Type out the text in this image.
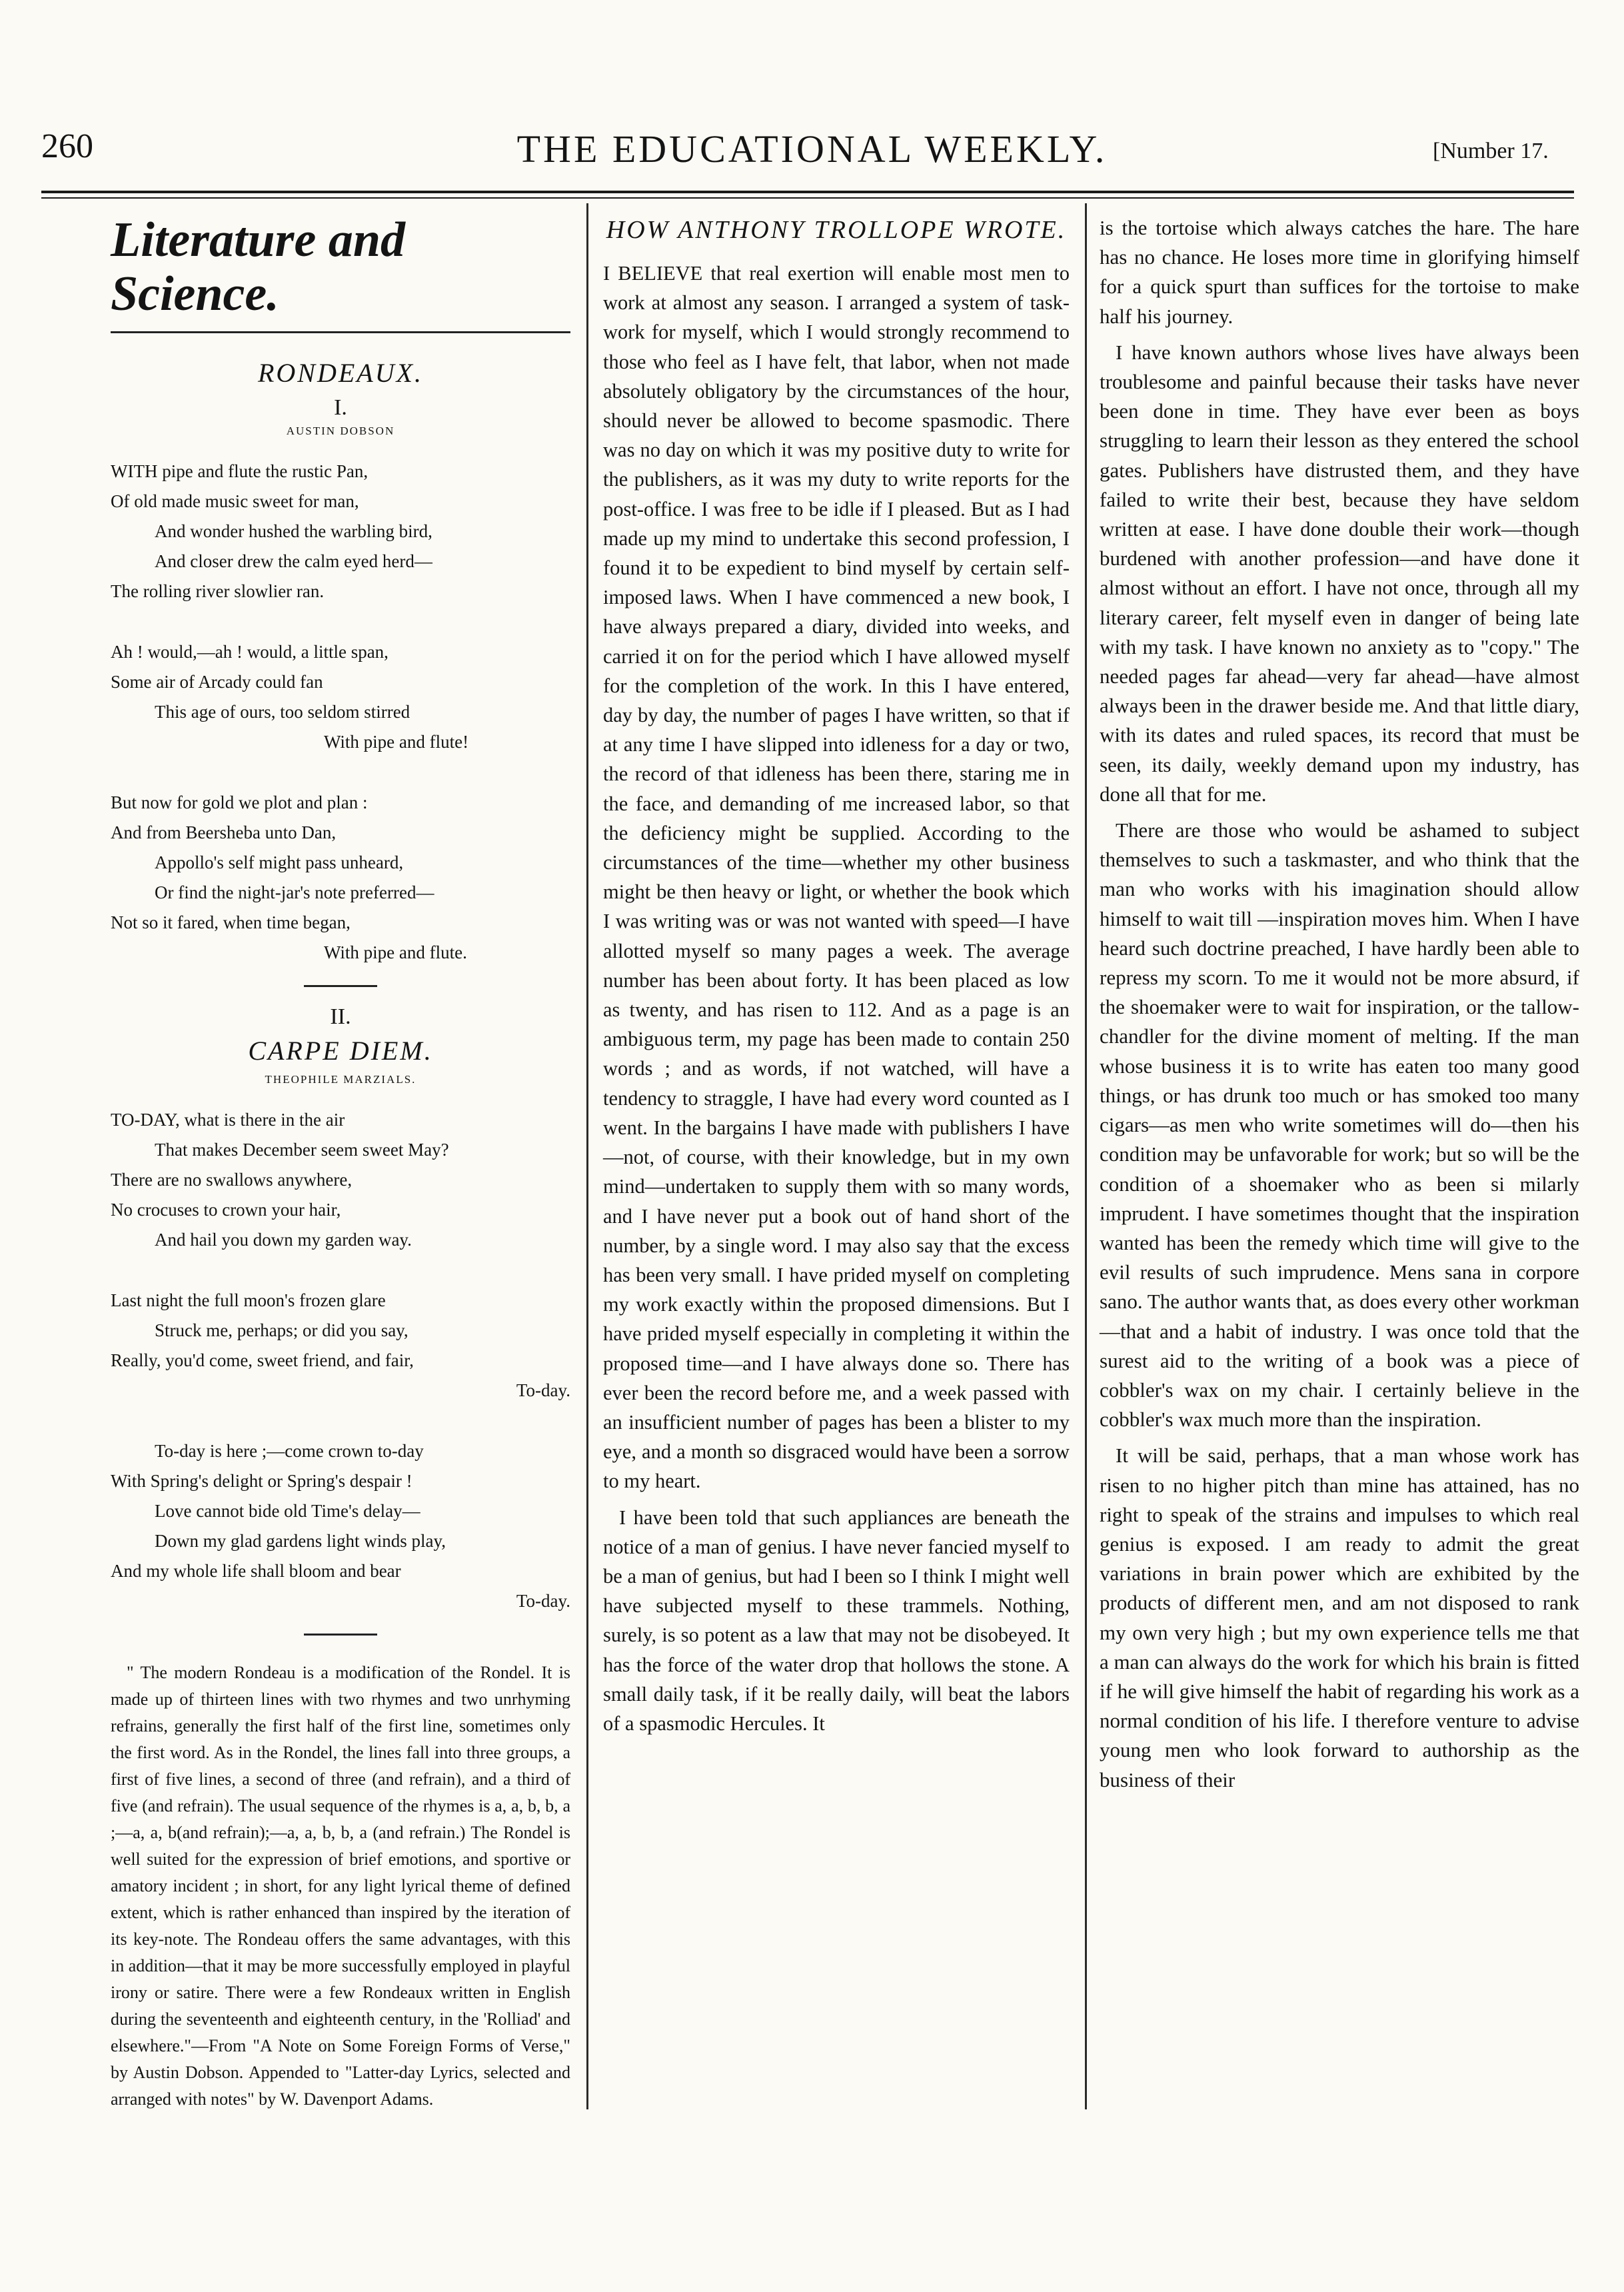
260	THE EDUCATIONAL WEEKLY.	[Number 17.
Literature and Science.
RONDEAUX.
I.
AUSTIN DOBSON
WITH pipe and flute the rustic Pan,
Of old made music sweet for man,
And wonder hushed the warbling bird,
And closer drew the calm eyed herd—
The rolling river slowlier ran.
Ah ! would,—ah ! would, a little span,
Some air of Arcady could fan
This age of ours, too seldom stirred
With pipe and flute!
But now for gold we plot and plan :
And from Beersheba unto Dan,
Appollo's self might pass unheard,
Or find the night-jar's note preferred—
Not so it fared, when time began,
With pipe and flute.
II.
CARPE DIEM.
THEOPHILE MARZIALS.
TO-DAY, what is there in the air
That makes December seem sweet May?
There are no swallows anywhere,
No crocuses to crown your hair,
And hail you down my garden way.
Last night the full moon's frozen glare
Struck me, perhaps; or did you say,
Really, you'd come, sweet friend, and fair,
To-day.
To-day is here ;—come crown to-day
With Spring's delight or Spring's despair !
Love cannot bide old Time's delay—
Down my glad gardens light winds play,
And my whole life shall bloom and bear
To-day.

" The modern Rondeau is a modification of the Rondel. It is made up of thirteen lines with two rhymes and two unrhyming refrains, generally the first half of the first line, sometimes only the first word. As in the Rondel, the lines fall into three groups, a first of five lines, a second of three (and refrain), and a third of five (and refrain). The usual sequence of the rhymes is a, a, b, b, a ;—a, a, b(and refrain);—a, a, b, b, a (and refrain.) The Rondel is well suited for the expression of brief emotions, and sportive or amatory incident ; in short, for any light lyrical theme of defined extent, which is rather enhanced than inspired by the iteration of its key-note. The Rondeau offers the same advantages, with this in addition—that it may be more successfully employed in playful irony or satire. There were a few Rondeaux written in English during the seventeenth and eighteenth century, in the 'Rolliad' and elsewhere."—From "A Note on Some Foreign Forms of Verse," by Austin Dobson. Appended to "Latter-day Lyrics, selected and arranged with notes" by W. Davenport Adams.

HOW ANTHONY TROLLOPE WROTE.

I BELIEVE that real exertion will enable most men to work at almost any season. I arranged a system of task-work for myself, which I would strongly recommend to those who feel as I have felt, that labor, when not made absolutely obligatory by the circumstances of the hour, should never be allowed to become spasmodic. There was no day on which it was my positive duty to write for the publishers, as it was my duty to write reports for the post-office. I was free to be idle if I pleased. But as I had made up my mind to undertake this second profession, I found it to be expedient to bind myself by certain self-imposed laws. When I have commenced a new book, I have always prepared a diary, divided into weeks, and carried it on for the period which I have allowed myself for the completion of the work. In this I have entered, day by day, the number of pages I have written, so that if at any time I have slipped into idleness for a day or two, the record of that idleness has been there, staring me in the face, and demanding of me increased labor, so that the deficiency might be supplied. According to the circumstances of the time—whether my other business might be then heavy or light, or whether the book which I was writing was or was not wanted with speed—I have allotted myself so many pages a week. The average number has been about forty. It has been placed as low as twenty, and has risen to 112. And as a page is an ambiguous term, my page has been made to contain 250 words ; and as words, if not watched, will have a tendency to straggle, I have had every word counted as I went. In the bargains I have made with publishers I have—not, of course, with their knowledge, but in my own mind—undertaken to supply them with so many words, and I have never put a book out of hand short of the number, by a single word. I may also say that the excess has been very small. I have prided myself on completing my work exactly within the proposed dimensions. But I have prided myself especially in completing it within the proposed time—and I have always done so. There has ever been the record before me, and a week passed with an insufficient number of pages has been a blister to my eye, and a month so disgraced would have been a sorrow to my heart.

I have been told that such appliances are beneath the notice of a man of genius. I have never fancied myself to be a man of genius, but had I been so I think I might well have subjected myself to these trammels. Nothing, surely, is so potent as a law that may not be disobeyed. It has the force of the water drop that hollows the stone. A small daily task, if it be really daily, will beat the labors of a spasmodic Hercules. It

is the tortoise which always catches the hare. The hare has no chance. He loses more time in glorifying himself for a quick spurt than suffices for the tortoise to make half his journey.

I have known authors whose lives have always been troublesome and painful because their tasks have never been done in time. They have ever been as boys struggling to learn their lesson as they entered the school gates. Publishers have distrusted them, and they have failed to write their best, because they have seldom written at ease. I have done double their work—though burdened with another profession—and have done it almost without an effort. I have not once, through all my literary career, felt myself even in danger of being late with my task. I have known no anxiety as to "copy." The needed pages far ahead—very far ahead—have almost always been in the drawer beside me. And that little diary, with its dates and ruled spaces, its record that must be seen, its daily, weekly demand upon my industry, has done all that for me.

There are those who would be ashamed to subject themselves to such a taskmaster, and who think that the man who works with his imagination should allow himself to wait till —inspiration moves him. When I have heard such doctrine preached, I have hardly been able to repress my scorn. To me it would not be more absurd, if the shoemaker were to wait for inspiration, or the tallow-chandler for the divine moment of melting. If the man whose business it is to write has eaten too many good things, or has drunk too much or has smoked too many cigars—as men who write sometimes will do—then his condition may be unfavorable for work; but so will be the condition of a shoemaker who as been si milarly imprudent. I have sometimes thought that the inspiration wanted has been the remedy which time will give to the evil results of such imprudence. Mens sana in corpore sano. The author wants that, as does every other workman—that and a habit of industry. I was once told that the surest aid to the writing of a book was a piece of cobbler's wax on my chair. I certainly believe in the cobbler's wax much more than the inspiration.

It will be said, perhaps, that a man whose work has risen to no higher pitch than mine has attained, has no right to speak of the strains and impulses to which real genius is exposed. I am ready to admit the great variations in brain power which are exhibited by the products of different men, and am not disposed to rank my own very high ; but my own experience tells me that a man can always do the work for which his brain is fitted if he will give himself the habit of regarding his work as a normal condition of his life. I therefore venture to advise young men who look forward to authorship as the business of their
